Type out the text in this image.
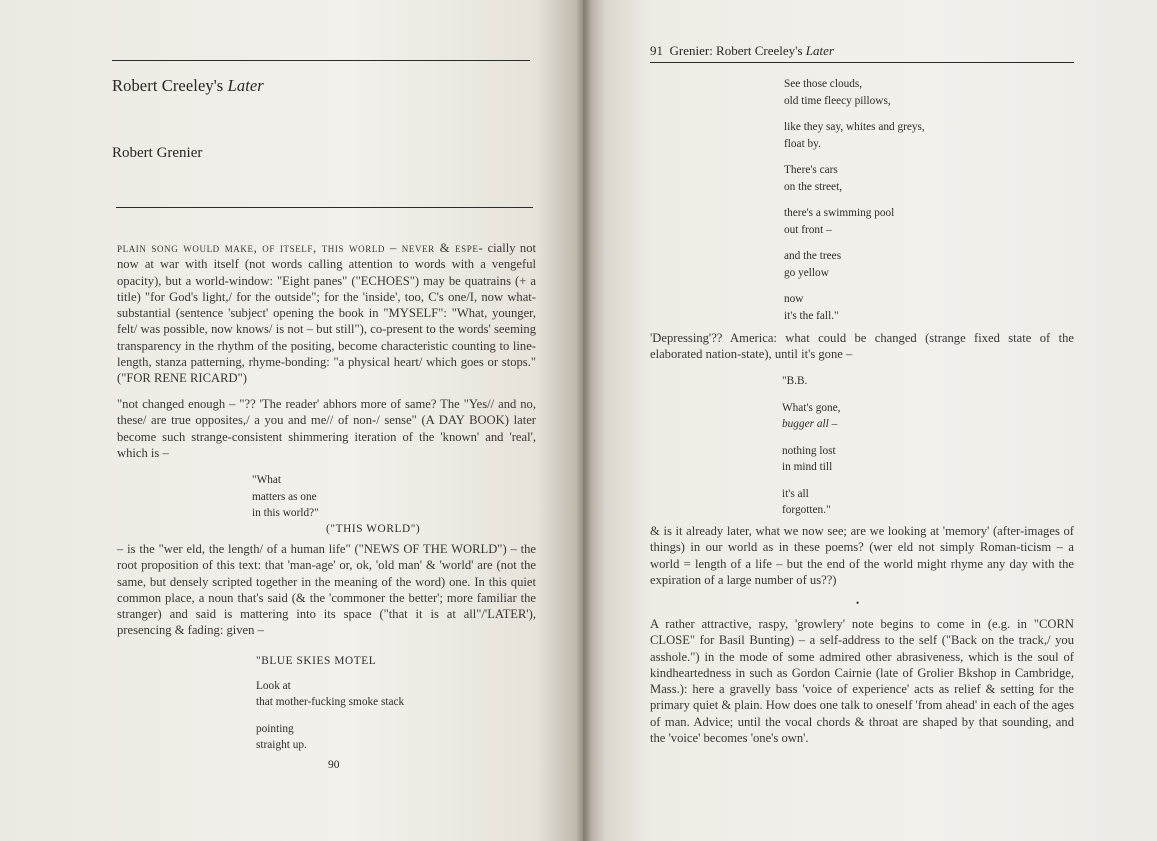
Robert Creeley's Later
Robert Grenier

plain song would make, of itself, this world – never & espe- cially not now at war with itself (not words calling attention to words with a vengeful opacity), but a world-window: "Eight panes" ("ECHOES") may be quatrains (+ a title) "for God's light,/ for the outside"; for the 'inside', too, C's one/I, now what-substantial (sentence 'subject' opening the book in "MYSELF": "What, younger, felt/ was possible, now knows/ is not – but still"), co-present to the words' seeming transparency in the rhythm of the positing, become characteristic counting to line-length, stanza patterning, rhyme-bonding: "a physical heart/ which goes or stops." ("FOR RENE RICARD")

"not changed enough – "?? 'The reader' abhors more of same? The "Yes// and no, these/ are true opposites,/ a you and me// of non-/ sense" (A DAY BOOK) later become such strange-consistent shimmering iteration of the 'known' and 'real', which is –

"What

matters as one

in this world?"

("THIS WORLD")

– is the "wer eld, the length/ of a human life" ("NEWS OF THE WORLD") – the root proposition of this text: that 'man-age' or, ok, 'old man' & 'world' are (not the same, but densely scripted together in the meaning of the word) one. In this quiet common place, a noun that's said (& the 'commoner the better'; more familiar the stranger) and said is mattering into its space ("that it is at all"/'LATER'), presencing & fading: given –

"BLUE SKIES MOTEL

Look at

that mother-fucking smoke stack

pointing

straight up.

90
91 Grenier: Robert Creeley's Later

See those clouds,

old time fleecy pillows,

like they say, whites and greys,

float by.

There's cars

on the street,

there's a swimming pool

out front –

and the trees

go yellow

now

it's the fall."

'Depressing'?? America: what could be changed (strange fixed state of the elaborated nation-state), until it's gone –

"B.B.

What's gone,

bugger all –

nothing lost

in mind till

it's all

forgotten."

& is it already later, what we now see; are we looking at 'memory' (after-images of things) in our world as in these poems? (wer eld not simply Roman-ticism – a world = length of a life – but the end of the world might rhyme any day with the expiration of a large number of us??)

•

A rather attractive, raspy, 'growlery' note begins to come in (e.g. in "CORN CLOSE" for Basil Bunting) – a self-address to the self ("Back on the track,/ you asshole.") in the mode of some admired other abrasiveness, which is the soul of kindheartedness in such as Gordon Cairnie (late of Grolier Bkshop in Cambridge, Mass.): here a gravelly bass 'voice of experience' acts as relief & setting for the primary quiet & plain. How does one talk to oneself 'from ahead' in each of the ages of man. Advice; until the vocal chords & throat are shaped by that sounding, and the 'voice' becomes 'one's own'.
